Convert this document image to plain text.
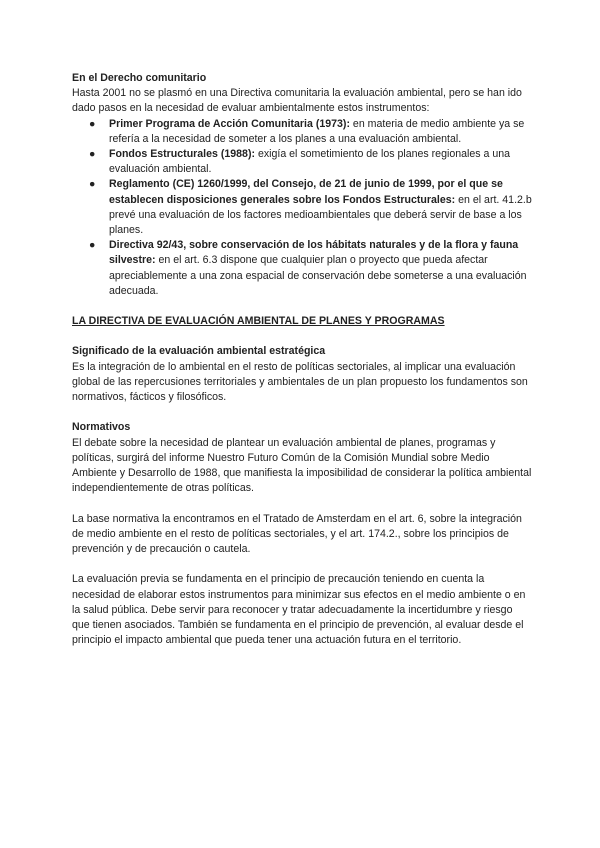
En el Derecho comunitario

Hasta 2001 no se plasmó en una Directiva comunitaria la evaluación ambiental, pero se han ido dado pasos en la necesidad de evaluar ambientalmente estos instrumentos:

● Primer Programa de Acción Comunitaria (1973): en materia de medio ambiente ya se refería a la necesidad de someter a los planes a una evaluación ambiental.
● Fondos Estructurales (1988): exigía el sometimiento de los planes regionales a una evaluación ambiental.
● Reglamento (CE) 1260/1999, del Consejo, de 21 de junio de 1999, por el que se establecen disposiciones generales sobre los Fondos Estructurales: en el art. 41.2.b prevé una evaluación de los factores medioambientales que deberá servir de base a los planes.
● Directiva 92/43, sobre conservación de los hábitats naturales y de la flora y fauna silvestre: en el art. 6.3 dispone que cualquier plan o proyecto que pueda afectar apreciablemente a una zona espacial de conservación debe someterse a una evaluación adecuada.
LA DIRECTIVA DE EVALUACIÓN AMBIENTAL DE PLANES Y PROGRAMAS
Significado de la evaluación ambiental estratégica

Es la integración de lo ambiental en el resto de políticas sectoriales, al implicar una evaluación global de las repercusiones territoriales y ambientales de un plan propuesto los fundamentos son normativos, fácticos y filosóficos.

Normativos

El debate sobre la necesidad de plantear un evaluación ambiental de planes, programas y políticas, surgirá del informe Nuestro Futuro Común de la Comisión Mundial sobre Medio Ambiente y Desarrollo de 1988, que manifiesta la imposibilidad de considerar la política ambiental independientemente de otras políticas.

La base normativa la encontramos en el Tratado de Amsterdam en el art. 6, sobre la integración de medio ambiente en el resto de políticas sectoriales, y el art. 174.2., sobre los principios de prevención y de precaución o cautela.

La evaluación previa se fundamenta en el principio de precaución teniendo en cuenta la necesidad de elaborar estos instrumentos para minimizar sus efectos en el medio ambiente o en la salud pública. Debe servir para reconocer y tratar adecuadamente la incertidumbre y riesgo que tienen asociados. También se fundamenta en el principio de prevención, al evaluar desde el principio el impacto ambiental que pueda tener una actuación futura en el territorio.
